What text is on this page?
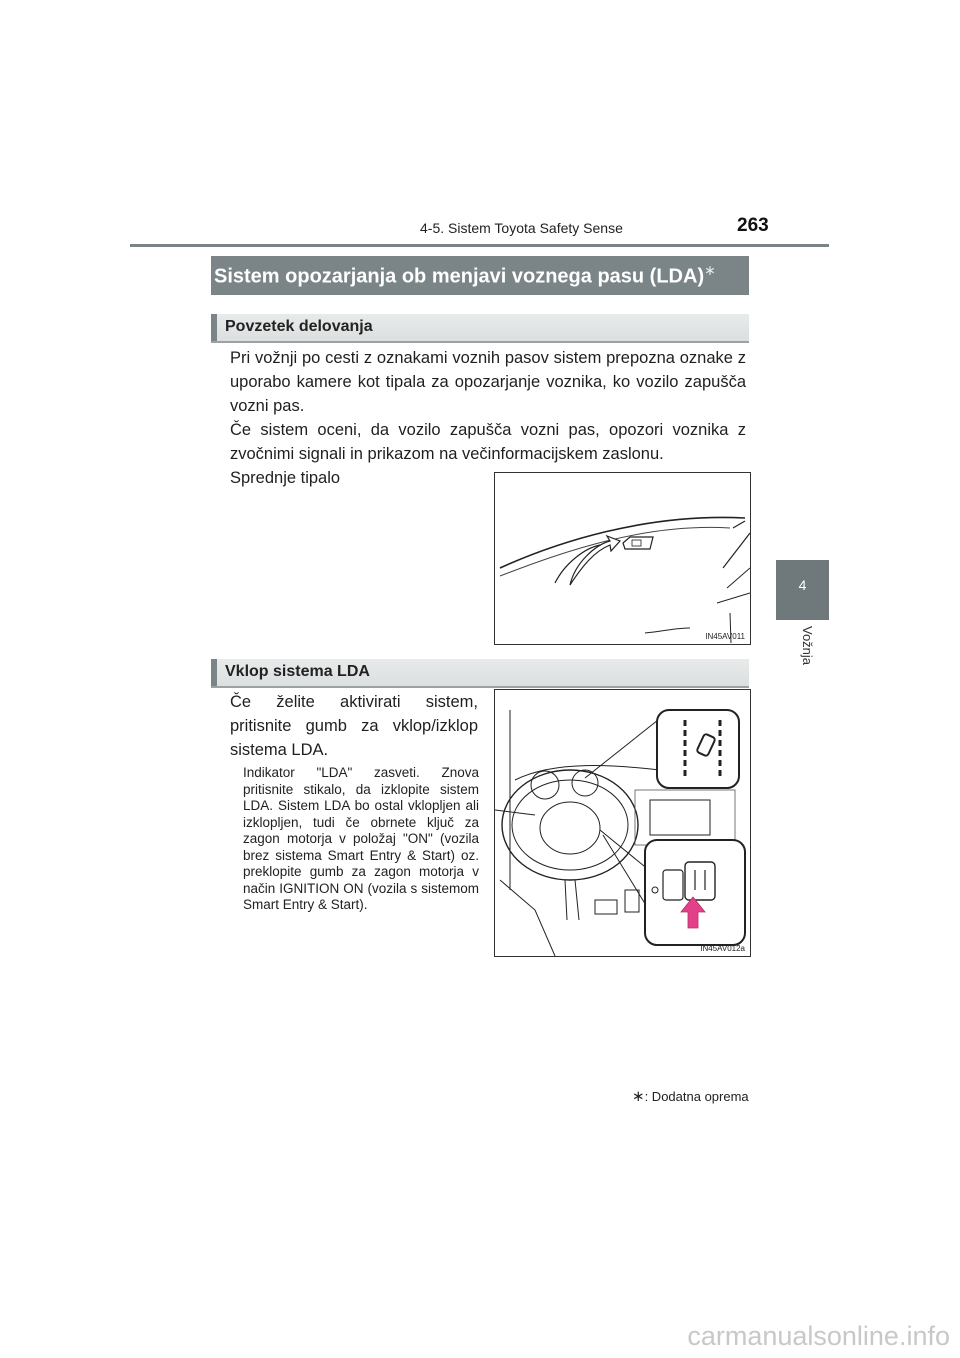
4-5. Sistem Toyota Safety Sense	263
4
Vožnja
Sistem opozarjanja ob menjavi voznega pasu (LDA)∗
Povzetek delovanja
Pri vožnji po cesti z oznakami voznih pasov sistem prepozna oznake z uporabo kamere kot tipala za opozarjanje voznika, ko vozilo zapušča vozni pas.
Če sistem oceni, da vozilo zapušča vozni pas, opozori voznika z zvočnimi signali in prikazom na večinformacijskem zaslonu.
Sprednje tipalo
IN45AV011
Vklop sistema LDA
Če želite aktivirati sistem, pritisnite gumb za vklop/izklop sistema LDA.
Indikator "LDA" zasveti. Znova pritisnite stikalo, da izklopite sistem LDA. Sistem LDA bo ostal vklopljen ali izklopljen, tudi če obrnete ključ za zagon motorja v položaj "ON" (vozila brez sistema Smart Entry & Start) oz. preklopite gumb za zagon motorja v način IGNITION ON (vozila s sistemom Smart Entry & Start).
IN45AV012a
∗: Dodatna oprema
carmanualsonline.info
